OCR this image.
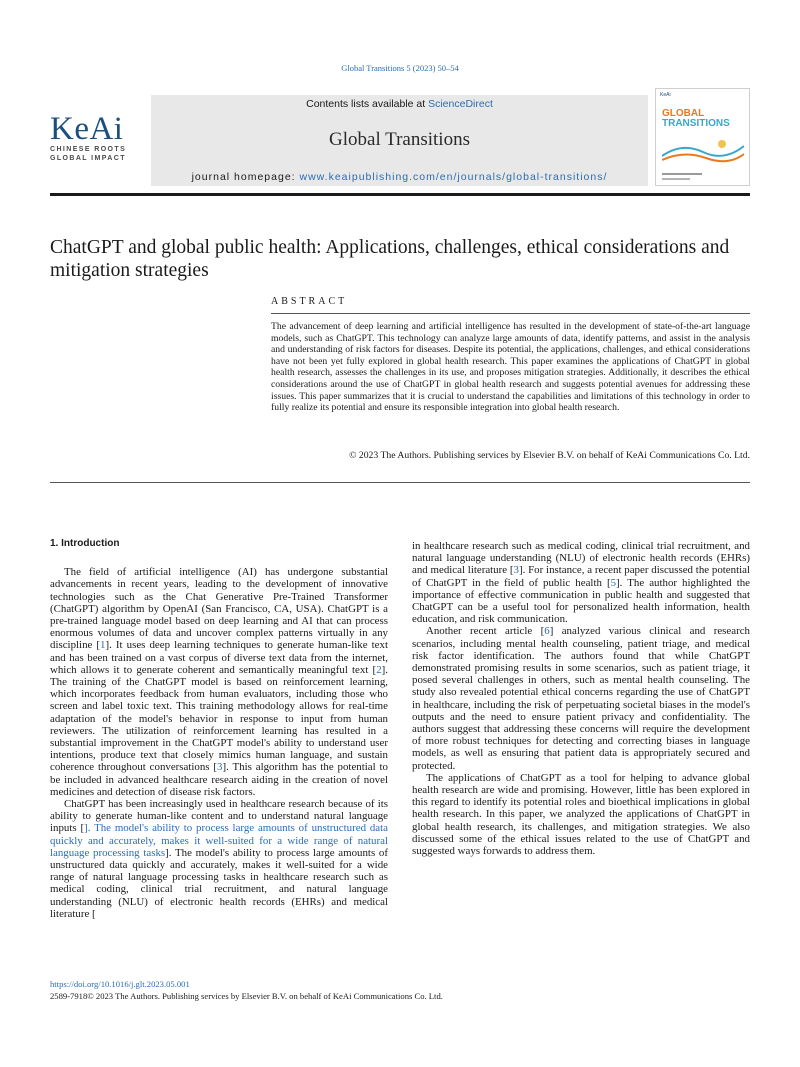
Global Transitions 5 (2023) 50–54
KeAi
CHINESE ROOTS
GLOBAL IMPACT
Contents lists available at ScienceDirect
Global Transitions
journal homepage: www.keaipublishing.com/en/journals/global-transitions/
KeAi
GLOBAL
TRANSITIONS
ChatGPT and global public health: Applications, challenges, ethical considerations and mitigation strategies
ABSTRACT
The advancement of deep learning and artificial intelligence has resulted in the development of state-of-the-art language models, such as ChatGPT. This technology can analyze large amounts of data, identify patterns, and assist in the analysis and understanding of risk factors for diseases. Despite its potential, the applications, challenges, and ethical considerations have not been yet fully explored in global health research. This paper examines the applications of ChatGPT in global health research, assesses the challenges in its use, and proposes mitigation strategies. Additionally, it describes the ethical considerations around the use of ChatGPT in global health research and suggests potential avenues for addressing these issues. This paper summarizes that it is crucial to understand the capabilities and limitations of this technology in order to fully realize its potential and ensure its responsible integration into global health research.
© 2023 The Authors. Publishing services by Elsevier B.V. on behalf of KeAi Communications Co. Ltd.
1. Introduction

The field of artificial intelligence (AI) has undergone substantial advancements in recent years, leading to the development of innovative technologies such as the Chat Generative Pre-Trained Transformer (ChatGPT) algorithm by OpenAI (San Francisco, CA, USA). ChatGPT is a pre-trained language model based on deep learning and AI that can process enormous volumes of data and uncover complex patterns virtually in any discipline [1]. It uses deep learning techniques to generate human-like text and has been trained on a vast corpus of diverse text data from the internet, which allows it to generate coherent and semantically meaningful text [2]. The training of the ChatGPT model is based on reinforcement learning, which incorporates feedback from human evaluators, including those who screen and label toxic text. This training methodology allows for real-time adaptation of the model's behavior in response to input from human reviewers. The utilization of reinforcement learning has resulted in a substantial improvement in the ChatGPT model's ability to understand user intentions, produce text that closely mimics human language, and sustain coherence throughout conversations [3]. This algorithm has the potential to be included in advanced healthcare research aiding in the creation of novel medicines and detection of disease risk factors.

ChatGPT has been increasingly used in healthcare research because of its ability to generate human-like content and to understand natural language inputs []. The model's ability to process large amounts of unstructured data quickly and accurately, makes it well-suited for a wide range of natural language processing tasks]. The model's ability to process large amounts of unstructured data quickly and accurately, makes it well-suited for a wide range of natural language processing tasks in healthcare research such as medical coding, clinical trial recruitment, and natural language understanding (NLU) of electronic health records (EHRs) and medical literature [

in healthcare research such as medical coding, clinical trial recruitment, and natural language understanding (NLU) of electronic health records (EHRs) and medical literature [3]. For instance, a recent paper discussed the potential of ChatGPT in the field of public health [5]. The author highlighted the importance of effective communication in public health and suggested that ChatGPT can be a useful tool for personalized health information, health education, and risk communication.

Another recent article [6] analyzed various clinical and research scenarios, including mental health counseling, patient triage, and medical risk factor identification. The authors found that while ChatGPT demonstrated promising results in some scenarios, such as patient triage, it posed several challenges in others, such as mental health counseling. The study also revealed potential ethical concerns regarding the use of ChatGPT in healthcare, including the risk of perpetuating societal biases in the model's outputs and the need to ensure patient privacy and confidentiality. The authors suggest that addressing these concerns will require the development of more robust techniques for detecting and correcting biases in language models, as well as ensuring that patient data is appropriately secured and protected.

The applications of ChatGPT as a tool for helping to advance global health research are wide and promising. However, little has been explored in this regard to identify its potential roles and bioethical implications in global health research. In this paper, we analyzed the applications of ChatGPT in global health research, its challenges, and mitigation strategies. We also discussed some of the ethical issues related to the use of ChatGPT and suggested ways forwards to address them.

https://doi.org/10.1016/j.glt.2023.05.001
2589-7918© 2023 The Authors. Publishing services by Elsevier B.V. on behalf of KeAi Communications Co. Ltd.
